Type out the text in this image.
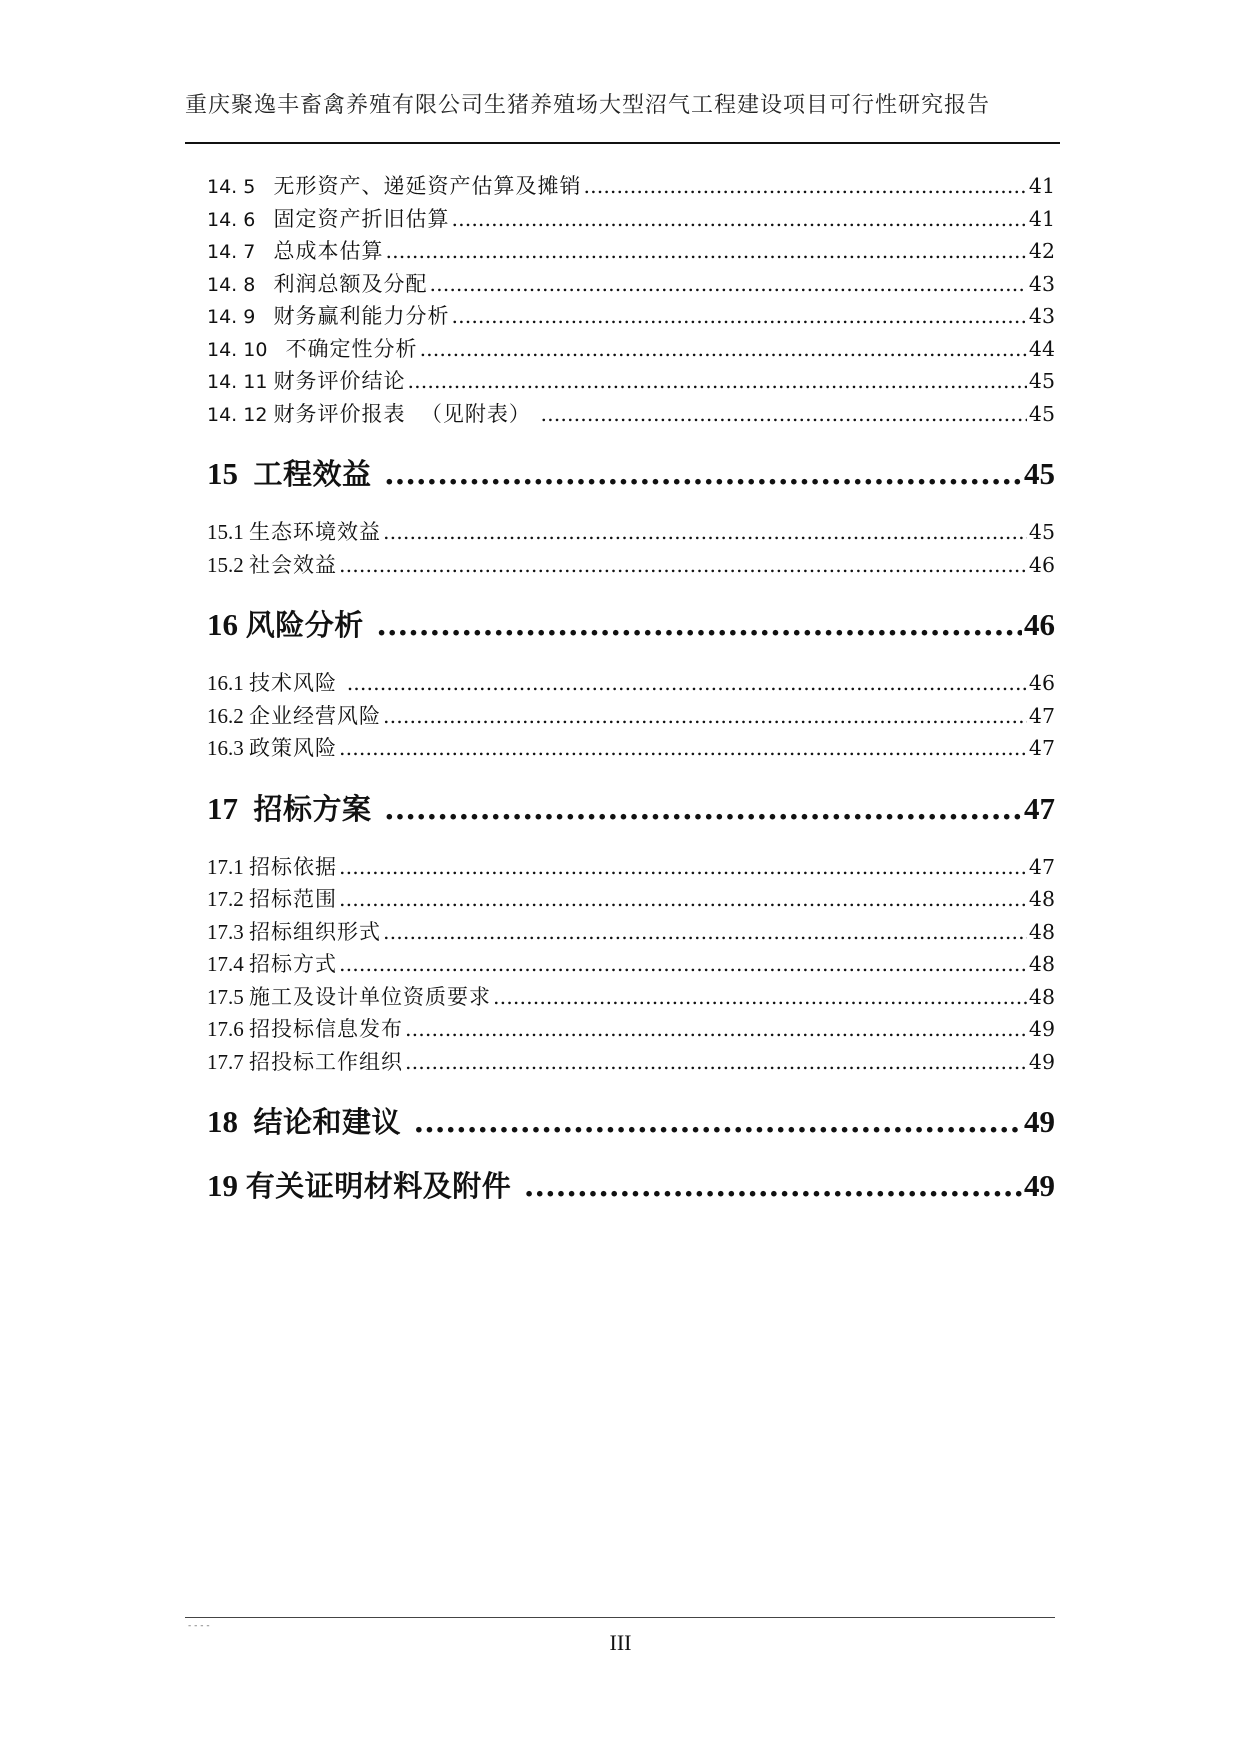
重庆聚逸丰畜禽养殖有限公司生猪养殖场大型沼气工程建设项目可行性研究报告
14. 5 无形资产、递延资产估算及摊销 .....	41
14. 6 固定资产折旧估算 .....	41
14. 7 总成本估算 .....	42
14. 8 利润总额及分配 .....	43
14. 9 财务赢利能力分析 .....	43
14. 10 不确定性分析 .....	44
14. 11 财务评价结论 .....	45
14. 12 财务评价报表  （见附表） .....	45
15 工程效益 .....	45
15.1 生态环境效益 .....	45
15.2 社会效益 .....	46
16 风险分析 .....	46
16.1 技术风险 .....	46
16.2 企业经营风险 .....	47
16.3 政策风险 .....	47
17 招标方案 .....	47
17.1 招标依据 .....	47
17.2 招标范围 .....	48
17.3 招标组织形式 .....	48
17.4 招标方式 .....	48
17.5 施工及设计单位资质要求 .....	48
17.6 招投标信息发布 .....	49
17.7 招投标工作组织 .....	49
18 结论和建议 .....	49
19 有关证明材料及附件 .....	49
- - - -
III
